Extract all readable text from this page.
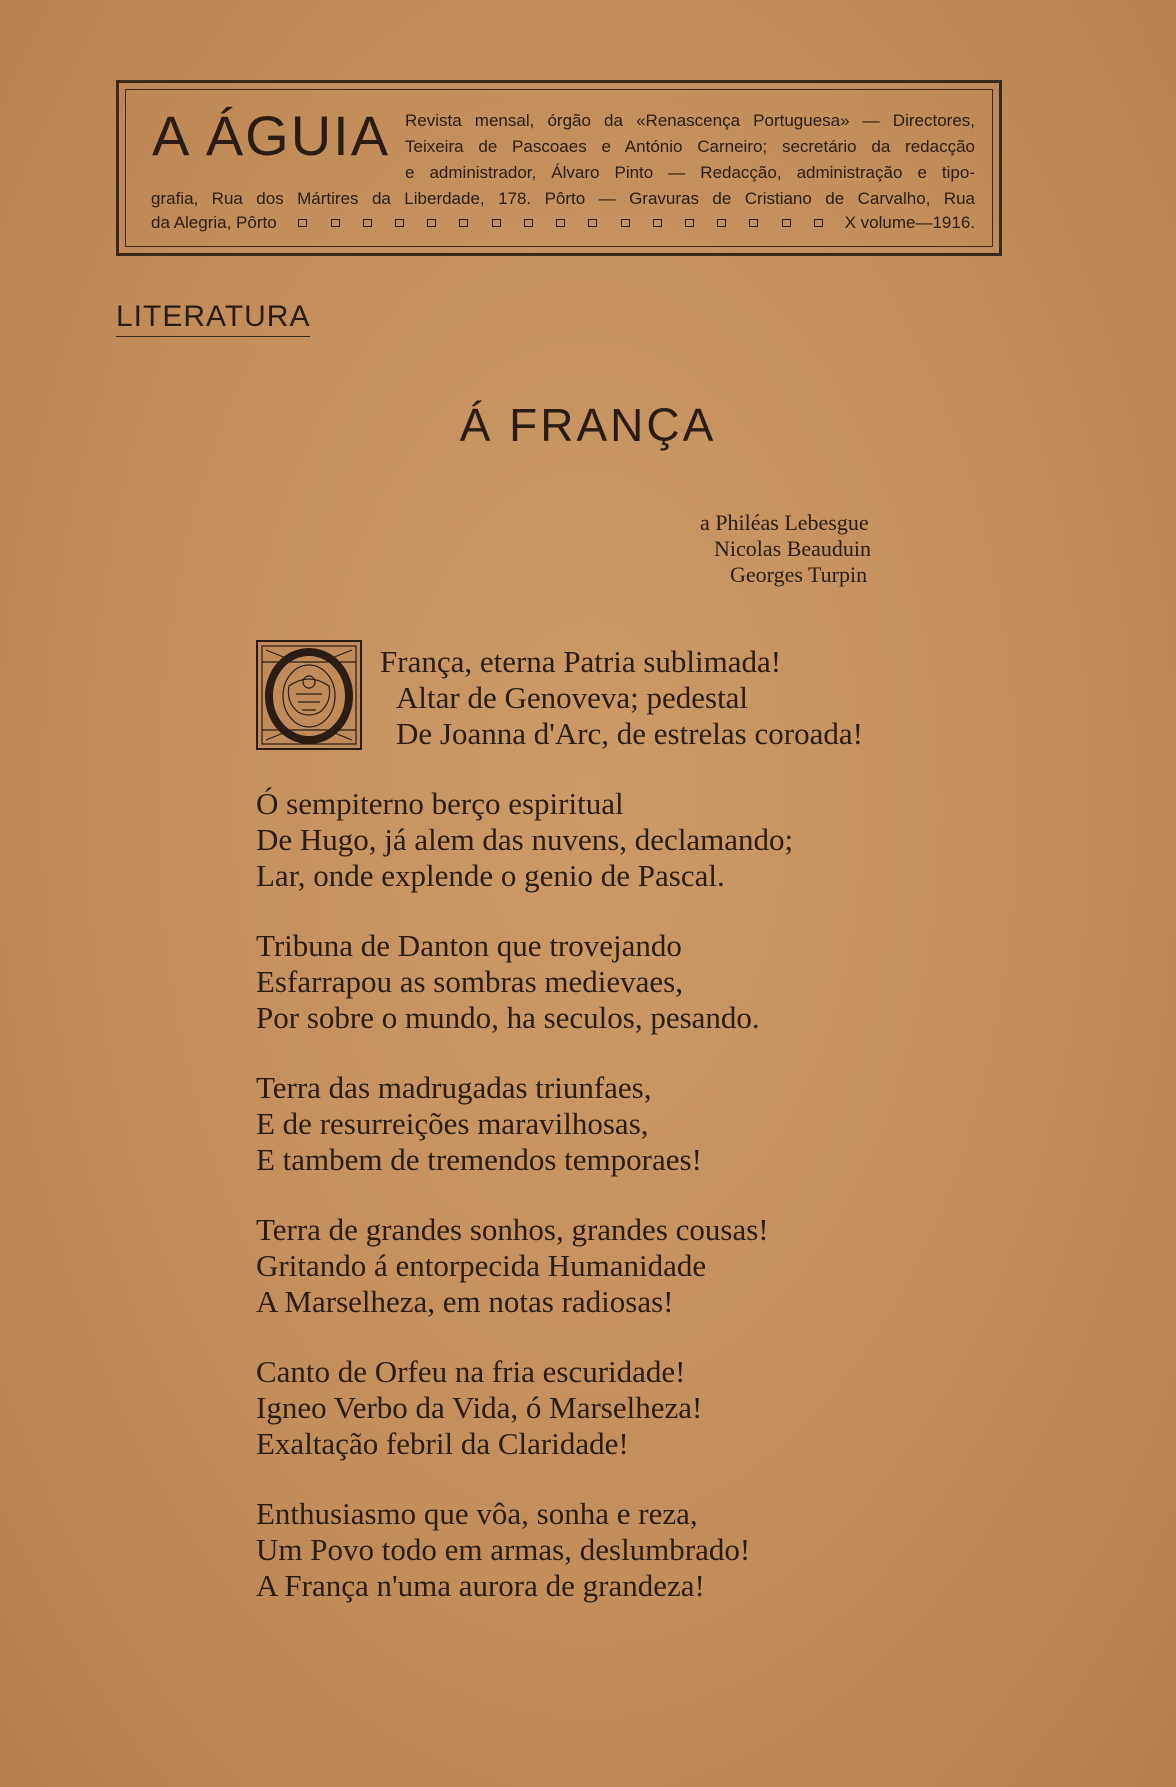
A ÁGUIA Revista mensal, órgão da «Renascença Portuguesa» — Directores,
Teixeira de Pascoaes e António Carneiro; secretário da redacção
e administrador, Álvaro Pinto — Redacção, administração e tipo-
grafia, Rua dos Mártires da Liberdade, 178. Pôrto — Gravuras de Cristiano de Carvalho, Rua
da Alegria, Pôrto	X volume—1916.
LITERATURA
Á FRANÇA
a Philéas Lebesgue
Nicolas Beauduin
Georges Turpin
França, eterna Patria sublimada!
Altar de Genoveva; pedestal
De Joanna d'Arc, de estrelas coroada!
Ó sempiterno berço espiritual
De Hugo, já alem das nuvens, declamando;
Lar, onde explende o genio de Pascal.
Tribuna de Danton que trovejando
Esfarrapou as sombras medievaes,
Por sobre o mundo, ha seculos, pesando.
Terra das madrugadas triunfaes,
E de resurreições maravilhosas,
E tambem de tremendos temporaes!
Terra de grandes sonhos, grandes cousas!
Gritando á entorpecida Humanidade
A Marselheza, em notas radiosas!
Canto de Orfeu na fria escuridade!
Igneo Verbo da Vida, ó Marselheza!
Exaltação febril da Claridade!
Enthusiasmo que vôa, sonha e reza,
Um Povo todo em armas, deslumbrado!
A França n'uma aurora de grandeza!
